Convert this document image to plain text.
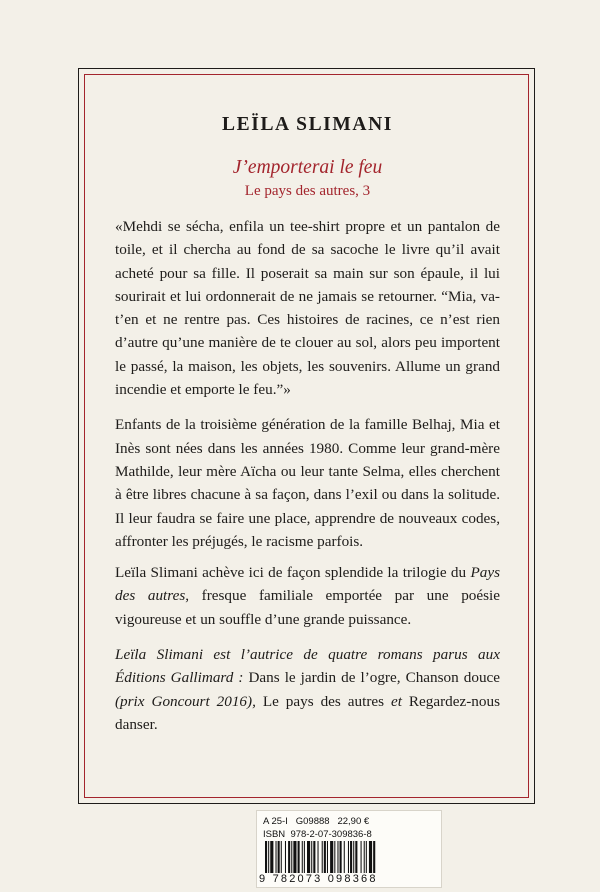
LEÏLA SLIMANI

J’emporterai le feu

Le pays des autres, 3

«Mehdi se sécha, enfila un tee-shirt propre et un pantalon de toile, et il chercha au fond de sa sacoche le livre qu’il avait acheté pour sa fille. Il poserait sa main sur son épaule, il lui sourirait et lui ordonnerait de ne jamais se retourner. “Mia, va-t’en et ne rentre pas. Ces histoires de racines, ce n’est rien d’autre qu’une manière de te clouer au sol, alors peu importent le passé, la maison, les objets, les souvenirs. Allume un grand incendie et emporte le feu.”»

Enfants de la troisième génération de la famille Belhaj, Mia et Inès sont nées dans les années 1980. Comme leur grand-mère Mathilde, leur mère Aïcha ou leur tante Selma, elles cherchent à être libres chacune à sa façon, dans l’exil ou dans la solitude. Il leur faudra se faire une place, apprendre de nouveaux codes, affronter les préjugés, le racisme parfois.

Leïla Slimani achève ici de façon splendide la trilogie du Pays des autres, fresque familiale emportée par une poésie vigoureuse et un souffle d’une grande puissance.

Leïla Slimani est l’autrice de quatre romans parus aux Éditions Gallimard : Dans le jardin de l’ogre, Chanson douce (prix Goncourt 2016), Le pays des autres et Regardez-nous danser.

A 25-I   G09888   22,90 €
ISBN  978-2-07-309836-8
9 782073 098368
